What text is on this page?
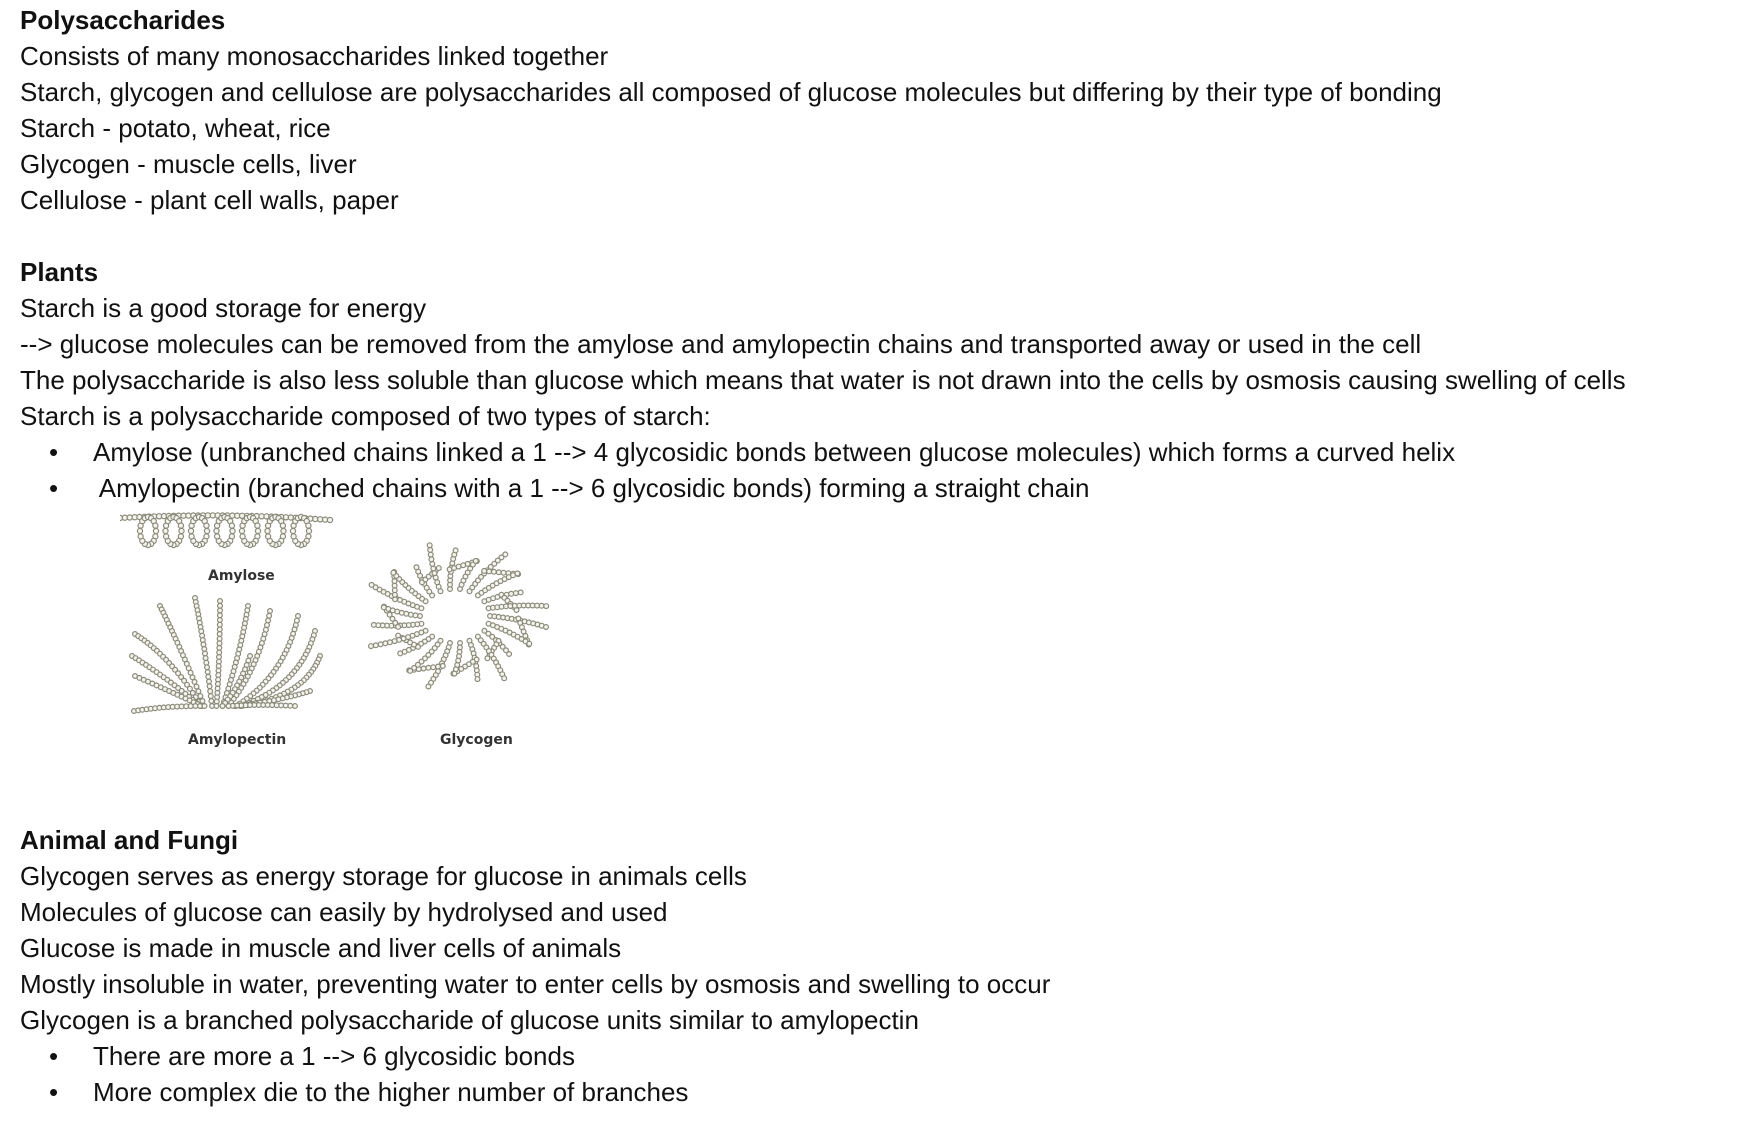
Polysaccharides
Consists of many monosaccharides linked together
Starch, glycogen and cellulose are polysaccharides all composed of glucose molecules but differing by their type of bonding
Starch - potato, wheat, rice
Glycogen - muscle cells, liver
Cellulose - plant cell walls, paper
Plants
Starch is a good storage for energy
--> glucose molecules can be removed from the amylose and amylopectin chains and transported away or used in the cell
The polysaccharide is also less soluble than glucose which means that water is not drawn into the cells by osmosis causing swelling of cells
Starch is a polysaccharide composed of two types of starch:
• Amylose (unbranched chains linked a 1 --> 4 glycosidic bonds between glucose molecules) which forms a curved helix
• Amylopectin (branched chains with a 1 --> 6 glycosidic bonds) forming a straight chain
Amylose
Amylopectin	Glycogen
Animal and Fungi
Glycogen serves as energy storage for glucose in animals cells
Molecules of glucose can easily by hydrolysed and used
Glucose is made in muscle and liver cells of animals
Mostly insoluble in water, preventing water to enter cells by osmosis and swelling to occur
Glycogen is a branched polysaccharide of glucose units similar to amylopectin
• There are more a 1 --> 6 glycosidic bonds
• More complex die to the higher number of branches
